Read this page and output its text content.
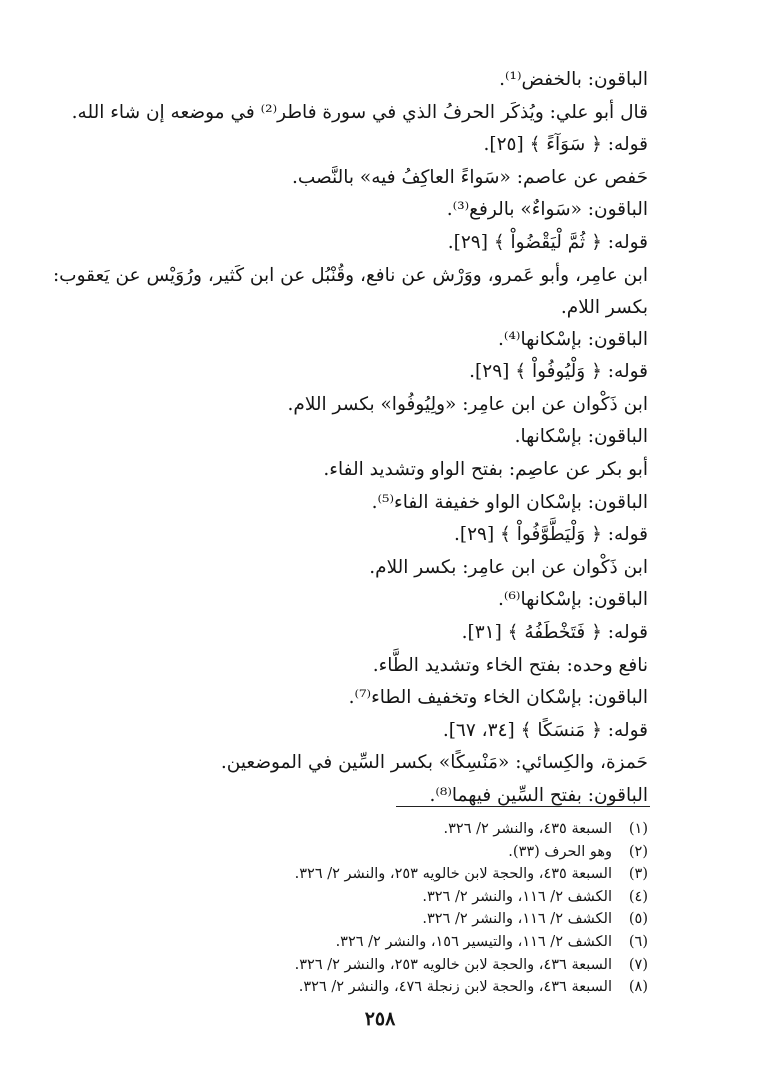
الباقون: بالخفض⁽¹⁾.
قال أبو علي: ويُذكَر الحرفُ الذي في سورة فاطر⁽²⁾ في موضعه إن شاء الله.
قوله: ﴿ سَوَآءً ﴾ [٢٥].
حَفص عن عاصم: «سَواءً العاكِفُ فيه» بالنَّصب.
الباقون: «سَواءٌ» بالرفع⁽³⁾.
قوله: ﴿ ثُمَّ لْيَقْضُواْ ﴾ [٢٩].
ابن عامِر، وأبو عَمرو، ووَرْش عن نافع، وقُنْبُل عن ابن كَثير، ورُوَيْس عن يَعقوب: بكسر اللام.
الباقون: بإسْكانها⁽⁴⁾.
قوله: ﴿ وَلْيُوفُواْ ﴾ [٢٩].
ابن ذَكْوان عن ابن عامِر: «ولِيُوفُوا» بكسر اللام.
الباقون: بإسْكانها.
أبو بكر عن عاصِم: بفتح الواو وتشديد الفاء.
الباقون: بإسْكان الواو خفيفة الفاء⁽⁵⁾.
قوله: ﴿ وَلْيَطَّوَّفُواْ ﴾ [٢٩].
ابن ذَكْوان عن ابن عامِر: بكسر اللام.
الباقون: بإسْكانها⁽⁶⁾.
قوله: ﴿ فَتَخْطَفُهُ ﴾ [٣١].
نافع وحده: بفتح الخاء وتشديد الطَّاء.
الباقون: بإسْكان الخاء وتخفيف الطاء⁽⁷⁾.
قوله: ﴿ مَنسَكًا ﴾ [٣٤، ٦٧].
حَمزة، والكِسائي: «مَنْسِكًا» بكسر السِّين في الموضعين.
الباقون: بفتح السِّين فيهما⁽⁸⁾.
(١)
السبعة ٤٣٥، والنشر ٢/ ٣٢٦.
(٢)
وهو الحرف (٣٣).
(٣)
السبعة ٤٣٥، والحجة لابن خالويه ٢٥٣، والنشر ٢/ ٣٢٦.
(٤)
الكشف ٢/ ١١٦، والنشر ٢/ ٣٢٦.
(٥)
الكشف ٢/ ١١٦، والنشر ٢/ ٣٢٦.
(٦)
الكشف ٢/ ١١٦، والتيسير ١٥٦، والنشر ٢/ ٣٢٦.
(٧)
السبعة ٤٣٦، والحجة لابن خالويه ٢٥٣، والنشر ٢/ ٣٢٦.
(٨)
السبعة ٤٣٦، والحجة لابن زنجلة ٤٧٦، والنشر ٢/ ٣٢٦.
٢٥٨
